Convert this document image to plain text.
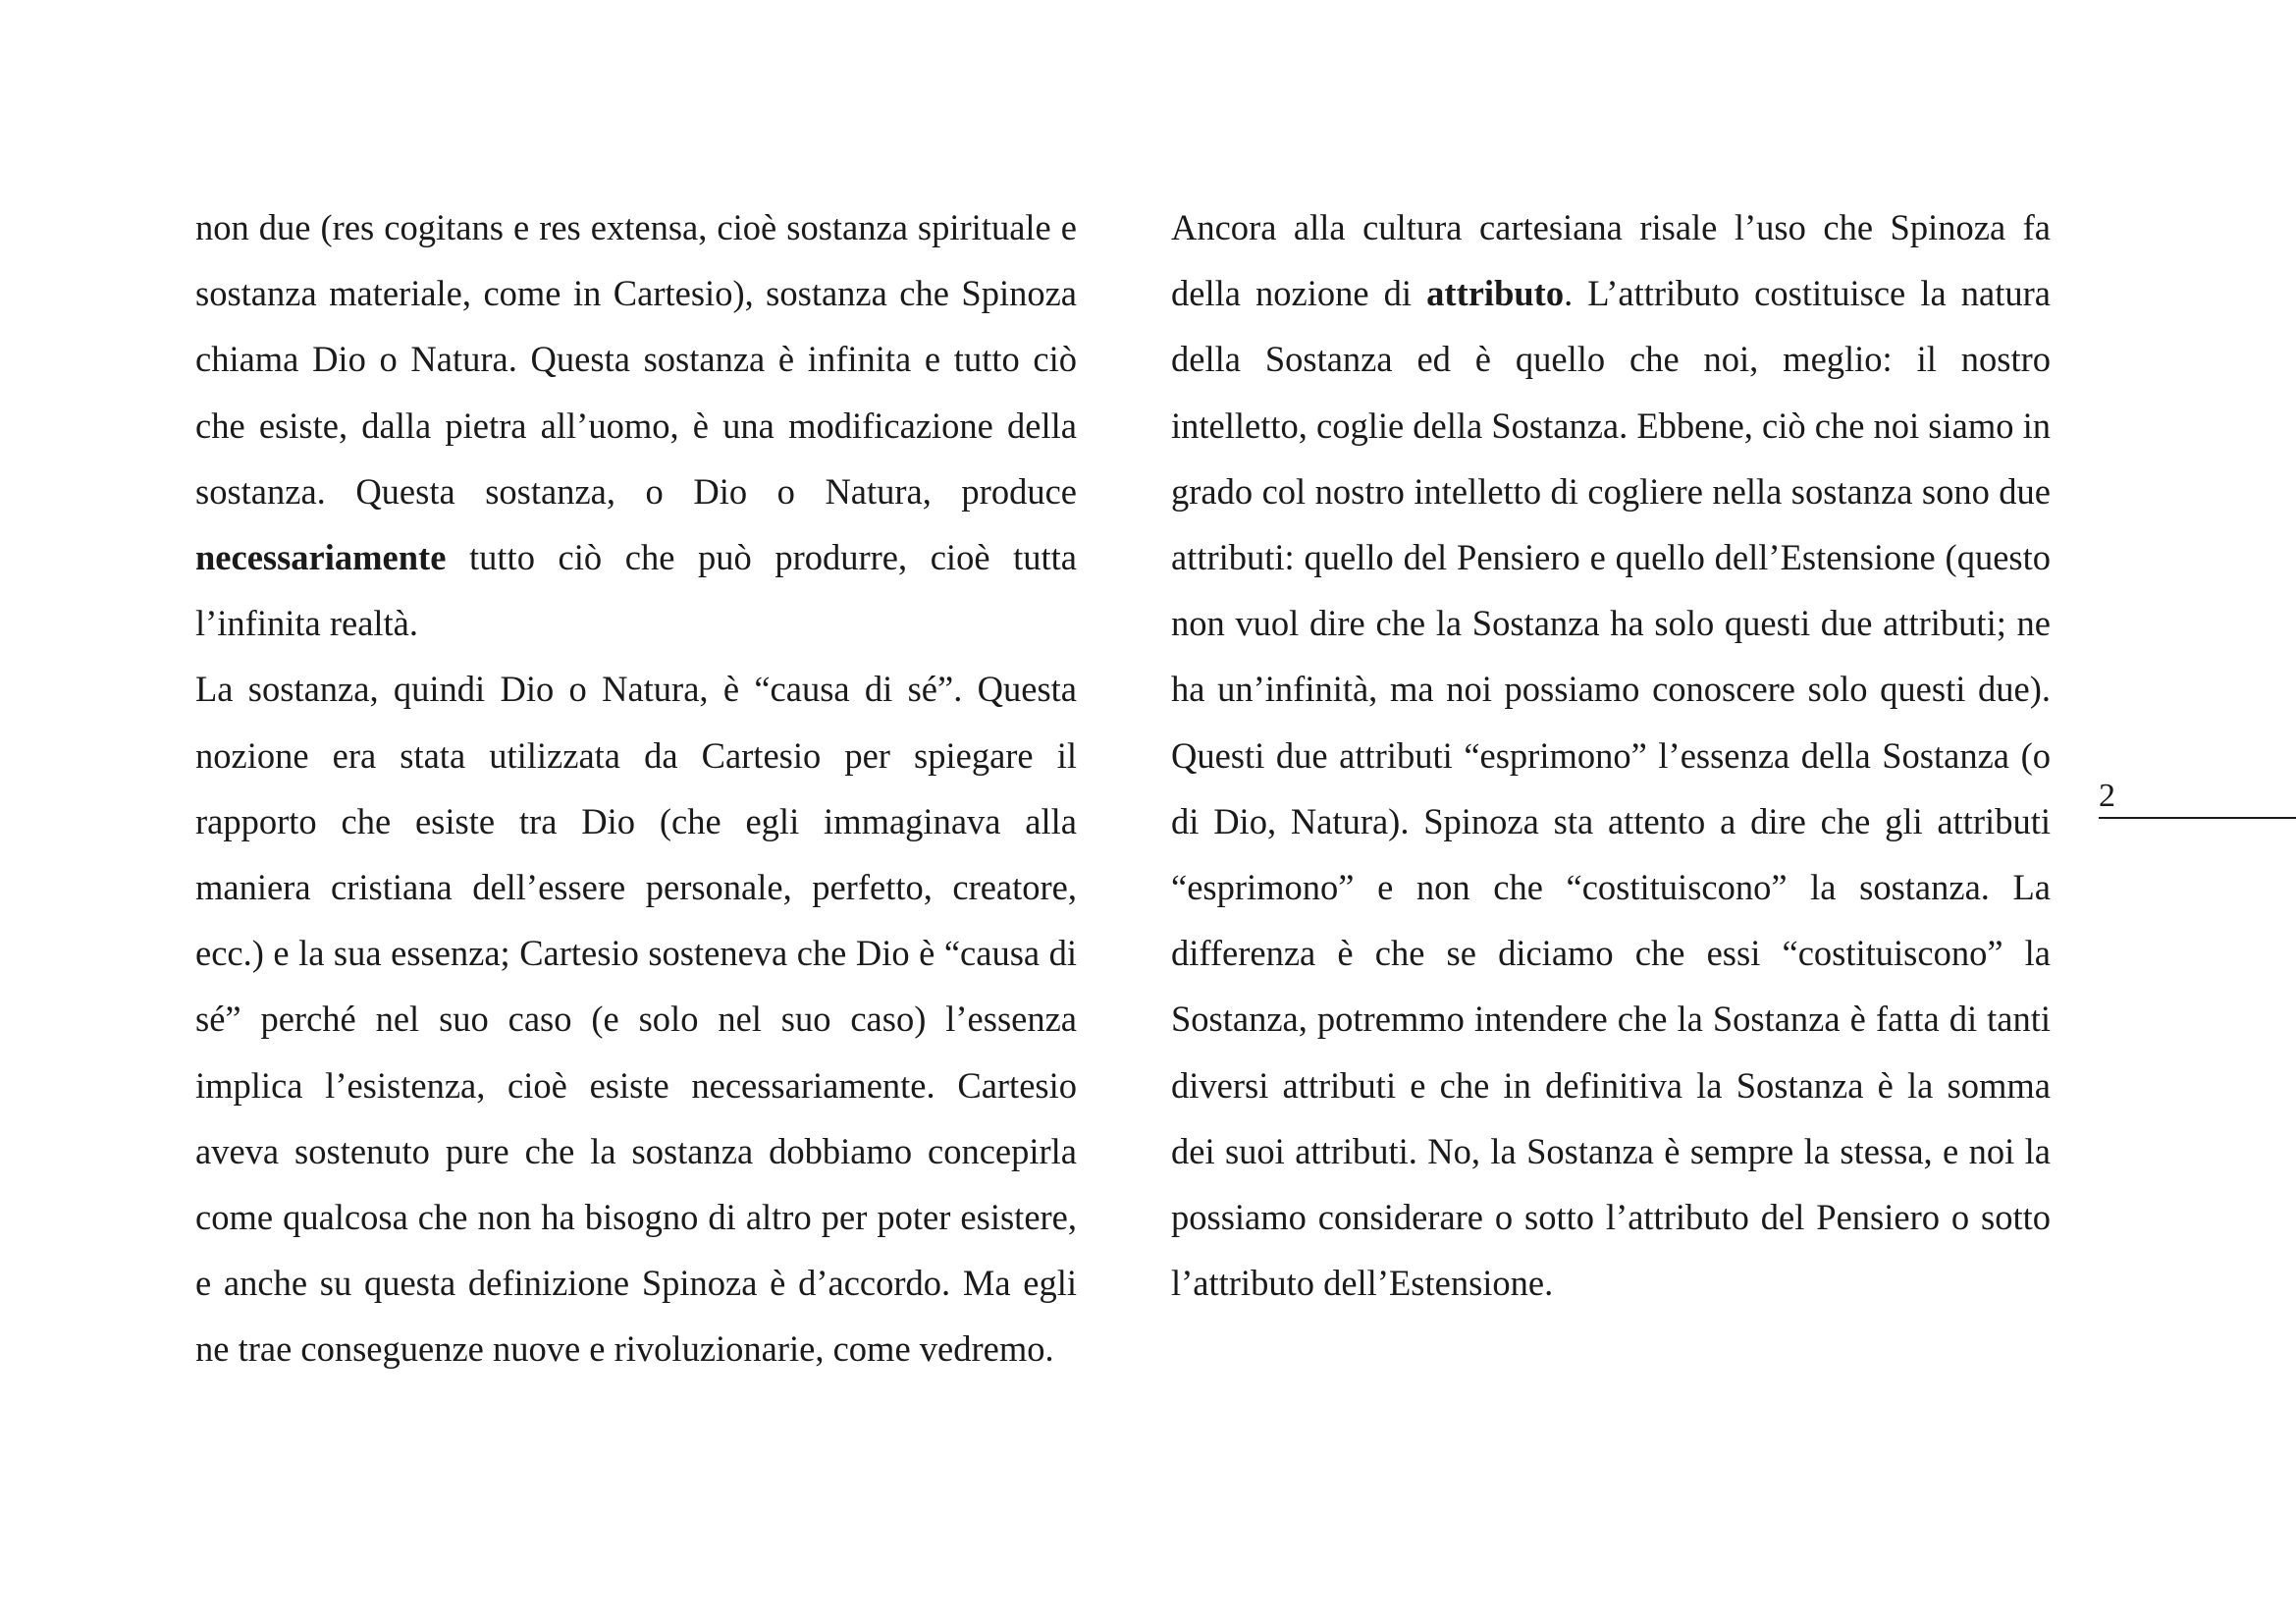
non due (res cogitans e res extensa, cioè sostanza spirituale e sostanza materiale, come in Cartesio), sostanza che Spinoza chiama Dio o Natura. Questa sostanza è infinita e tutto ciò che esiste, dalla pietra all’uomo, è una modificazione della sostanza. Questa sostanza, o Dio o Natura, produce necessariamente tutto ciò che può produrre, cioè tutta l’infinita realtà.

La sostanza, quindi Dio o Natura, è “causa di sé”. Questa nozione era stata utilizzata da Cartesio per spiegare il rapporto che esiste tra Dio (che egli immaginava alla maniera cristiana dell’essere personale, perfetto, creatore, ecc.) e la sua essenza; Cartesio sosteneva che Dio è “causa di sé” perché nel suo caso (e solo nel suo caso) l’essenza implica l’esistenza, cioè esiste necessariamente. Cartesio aveva sostenuto pure che la sostanza dobbiamo concepirla come qualcosa che non ha bisogno di altro per poter esistere, e anche su questa definizione Spinoza è d’accordo. Ma egli ne trae conseguenze nuove e rivoluzionarie, come vedremo.

Ancora alla cultura cartesiana risale l’uso che Spinoza fa della nozione di attributo. L’attributo costituisce la natura della Sostanza ed è quello che noi, meglio: il nostro intelletto, coglie della Sostanza. Ebbene, ciò che noi siamo in grado col nostro intelletto di cogliere nella sostanza sono due attributi: quello del Pensiero e quello dell’Estensione (questo non vuol dire che la Sostanza ha solo questi due attributi; ne ha un’infinità, ma noi possiamo conoscere solo questi due). Questi due attributi “esprimono” l’essenza della Sostanza (o di Dio, Natura). Spinoza sta attento a dire che gli attributi “esprimono” e non che “costituiscono” la sostanza. La differenza è che se diciamo che essi “costituiscono” la Sostanza, potremmo intendere che la Sostanza è fatta di tanti diversi attributi e che in definitiva la Sostanza è la somma dei suoi attributi. No, la Sostanza è sempre la stessa, e noi la possiamo considerare o sotto l’attributo del Pensiero o sotto l’attributo dell’Estensione.

2
